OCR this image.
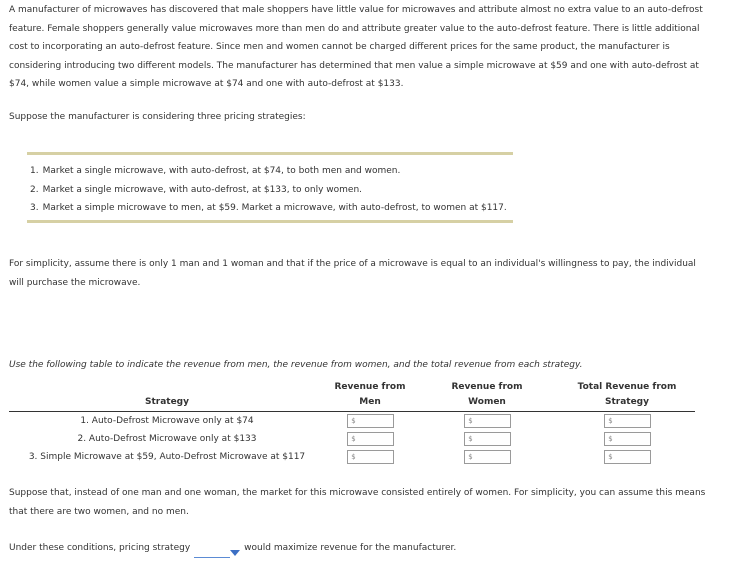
A manufacturer of microwaves has discovered that male shoppers have little value for microwaves and attribute almost no extra value to an auto-defrost feature. Female shoppers generally value microwaves more than men do and attribute greater value to the auto-defrost feature. There is little additional cost to incorporating an auto-defrost feature. Since men and women cannot be charged different prices for the same product, the manufacturer is considering introducing two different models. The manufacturer has determined that men value a simple microwave at $59 and one with auto-defrost at $74, while women value a simple microwave at $74 and one with auto-defrost at $133.

Suppose the manufacturer is considering three pricing strategies:

1. Market a single microwave, with auto-defrost, at $74, to both men and women.
2. Market a single microwave, with auto-defrost, at $133, to only women.
3. Market a simple microwave to men, at $59. Market a microwave, with auto-defrost, to women at $117.

For simplicity, assume there is only 1 man and 1 woman and that if the price of a microwave is equal to an individual's willingness to pay, the individual will purchase the microwave.

Use the following table to indicate the revenue from men, the revenue from women, and the total revenue from each strategy.

	Revenue from	Revenue from	Total Revenue from
Strategy	Men	Women	Strategy
1. Auto-Defrost Microwave only at $74	$	$	$

2. Auto-Defrost Microwave only at $133	$	$	$

3. Simple Microwave at $59, Auto-Defrost Microwave at $117	$	$	$

Suppose that, instead of one man and one woman, the market for this microwave consisted entirely of women. For simplicity, you can assume this means that there are two women, and no men.

Under these conditions, pricing strategy	would maximize revenue for the manufacturer.
